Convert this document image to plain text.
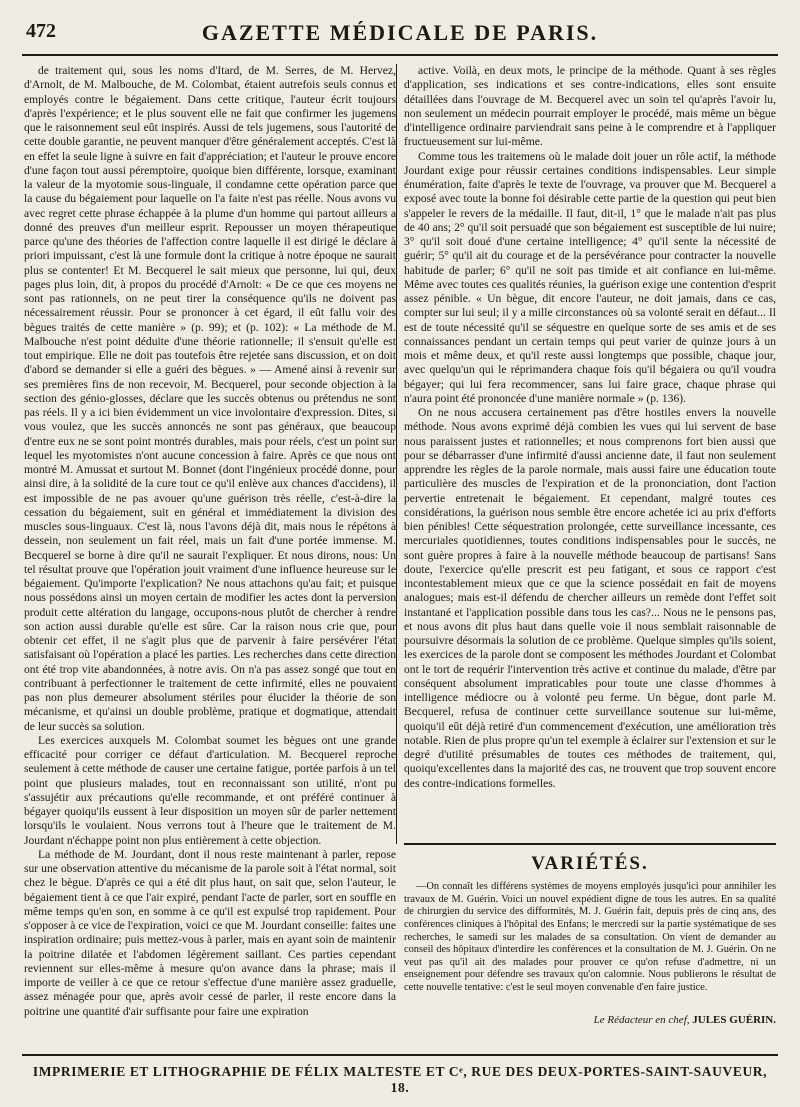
472	GAZETTE MÉDICALE DE PARIS.

de traitement qui, sous les noms d'Itard, de M. Serres, de M. Hervez, d'Arnolt, de M. Malbouche, de M. Colombat, étaient autrefois seuls connus et employés contre le bégaiement. Dans cette critique, l'auteur écrit toujours d'après l'expérience; et le plus souvent elle ne fait que confirmer les jugemens que le raisonnement seul eût inspirés. Aussi de tels jugemens, sous l'autorité de cette double garantie, ne peuvent manquer d'être généralement acceptés. C'est là en effet la seule ligne à suivre en fait d'appréciation; et l'auteur le prouve encore d'une façon tout aussi péremptoire, quoique bien différente, lorsque, examinant la valeur de la myotomie sous-linguale, il condamne cette opération parce que la cause du bégaiement pour laquelle on l'a faite n'est pas réelle. Nous avons vu avec regret cette phrase échappée à la plume d'un homme qui partout ailleurs a donné des preuves d'un meilleur esprit. Repousser un moyen thérapeutique parce qu'une des théories de l'affection contre laquelle il est dirigé le déclare à priori impuissant, c'est là une formule dont la critique à notre époque ne saurait plus se contenter! Et M. Becquerel le sait mieux que personne, lui qui, deux pages plus loin, dit, à propos du procédé d'Arnolt: « De ce que ces moyens ne sont pas rationnels, on ne peut tirer la conséquence qu'ils ne doivent pas nécessairement réussir. Pour se prononcer à cet égard, il eût fallu voir des bègues traités de cette manière » (p. 99); et (p. 102): « La méthode de M. Malbouche n'est point déduite d'une théorie rationnelle; il s'ensuit qu'elle est tout empirique. Elle ne doit pas toutefois être rejetée sans discussion, et on doit d'abord se demander si elle a guéri des bègues. » — Amené ainsi à revenir sur ses premières fins de non recevoir, M. Becquerel, pour seconde objection à la section des génio-glosses, déclare que les succès obtenus ou prétendus ne sont pas réels. Il y a ici bien évidemment un vice involontaire d'expression. Dites, si vous voulez, que les succès annoncés ne sont pas généraux, que beaucoup d'entre eux ne se sont point montrés durables, mais pour réels, c'est un point sur lequel les myotomistes n'ont aucune concession à faire. Après ce que nous ont montré M. Amussat et surtout M. Bonnet (dont l'ingénieux procédé donne, pour ainsi dire, à la solidité de la cure tout ce qu'il enlève aux chances d'accidens), il est impossible de ne pas avouer qu'une guérison très réelle, c'est-à-dire la cessation du bégaiement, suit en général et immédiatement la division des muscles sous-linguaux. C'est là, nous l'avons déjà dit, mais nous le répétons à dessein, non seulement un fait réel, mais un fait d'une portée immense. M. Becquerel se borne à dire qu'il ne saurait l'expliquer. Et nous dirons, nous: Un tel résultat prouve que l'opération jouit vraiment d'une influence heureuse sur le bégaiement. Qu'importe l'explication? Ne nous attachons qu'au fait; et puisque nous possédons ainsi un moyen certain de modifier les actes dont la perversion produit cette altération du langage, occupons-nous plutôt de chercher à rendre son action aussi durable qu'elle est sûre. Car la raison nous crie que, pour obtenir cet effet, il ne s'agit plus que de parvenir à faire persévérer l'état satisfaisant où l'opération a placé les parties. Les recherches dans cette direction ont été trop vite abandonnées, à notre avis. On n'a pas assez songé que tout en contribuant à perfectionner le traitement de cette infirmité, elles ne pouvaient pas non plus demeurer absolument stériles pour élucider la théorie de son mécanisme, et qu'ainsi un double problème, pratique et dogmatique, attendait de leur succès sa solution.

Les exercices auxquels M. Colombat soumet les bègues ont une grande efficacité pour corriger ce défaut d'articulation. M. Becquerel reproche seulement à cette méthode de causer une certaine fatigue, portée parfois à un tel point que plusieurs malades, tout en reconnaissant son utilité, n'ont pu s'assujétir aux précautions qu'elle recommande, et ont préféré continuer à bégayer quoiqu'ils eussent à leur disposition un moyen sûr de parler nettement lorsqu'ils le voulaient. Nous verrons tout à l'heure que le traitement de M. Jourdant n'échappe point non plus entièrement à cette objection.

La méthode de M. Jourdant, dont il nous reste maintenant à parler, repose sur une observation attentive du mécanisme de la parole soit à l'état normal, soit chez le bègue. D'après ce qui a été dit plus haut, on sait que, selon l'auteur, le bégaiement tient à ce que l'air expiré, pendant l'acte de parler, sort en souffle en même temps qu'en son, en somme à ce qu'il est expulsé trop rapidement. Pour s'opposer à ce vice de l'expiration, voici ce que M. Jourdant conseille: faites une inspiration ordinaire; puis mettez-vous à parler, mais en ayant soin de maintenir la poitrine dilatée et l'abdomen légèrement saillant. Ces parties cependant reviennent sur elles-même à mesure qu'on avance dans la phrase; mais il importe de veiller à ce que ce retour s'effectue d'une manière assez graduelle, assez ménagée pour que, après avoir cessé de parler, il reste encore dans la poitrine une quantité d'air suffisante pour faire une expiration

active. Voilà, en deux mots, le principe de la méthode. Quant à ses règles d'application, ses indications et ses contre-indications, elles sont ensuite détaillées dans l'ouvrage de M. Becquerel avec un soin tel qu'après l'avoir lu, non seulement un médecin pourrait employer le procédé, mais même un bègue d'intelligence ordinaire parviendrait sans peine à le comprendre et à l'appliquer fructueusement sur lui-même.

Comme tous les traitemens où le malade doit jouer un rôle actif, la méthode Jourdant exige pour réussir certaines conditions indispensables. Leur simple énumération, faite d'après le texte de l'ouvrage, va prouver que M. Becquerel a exposé avec toute la bonne foi désirable cette partie de la question qui peut bien s'appeler le revers de la médaille. Il faut, dit-il, 1° que le malade n'ait pas plus de 40 ans; 2° qu'il soit persuadé que son bégaiement est susceptible de lui nuire; 3° qu'il soit doué d'une certaine intelligence; 4° qu'il sente la nécessité de guérir; 5° qu'il ait du courage et de la persévérance pour contracter la nouvelle habitude de parler; 6° qu'il ne soit pas timide et ait confiance en lui-même. Même avec toutes ces qualités réunies, la guérison exige une contention d'esprit assez pénible. « Un bègue, dit encore l'auteur, ne doit jamais, dans ce cas, compter sur lui seul; il y a mille circonstances où sa volonté serait en défaut... Il est de toute nécessité qu'il se séquestre en quelque sorte de ses amis et de ses connaissances pendant un certain temps qui peut varier de quinze jours à un mois et même deux, et qu'il reste aussi longtemps que possible, chaque jour, avec quelqu'un qui le réprimandera chaque fois qu'il bégaiera ou qu'il voudra bégayer; qui lui fera recommencer, sans lui faire grace, chaque phrase qui n'aura point été prononcée d'une manière normale » (p. 136).

On ne nous accusera certainement pas d'être hostiles envers la nouvelle méthode. Nous avons exprimé déjà combien les vues qui lui servent de base nous paraissent justes et rationnelles; et nous comprenons fort bien aussi que pour se débarrasser d'une infirmité d'aussi ancienne date, il faut non seulement apprendre les règles de la parole normale, mais aussi faire une éducation toute particulière des muscles de l'expiration et de la prononciation, dont l'action pervertie entretenait le bégaiement. Et cependant, malgré toutes ces considérations, la guérison nous semble être encore achetée ici au prix d'efforts bien pénibles! Cette séquestration prolongée, cette surveillance incessante, ces mercuriales quotidiennes, toutes conditions indispensables pour le succès, ne sont guère propres à faire à la nouvelle méthode beaucoup de partisans! Sans doute, l'exercice qu'elle prescrit est peu fatigant, et sous ce rapport c'est incontestablement mieux que ce que la science possédait en fait de moyens analogues; mais est-il défendu de chercher ailleurs un remède dont l'effet soit instantané et l'application possible dans tous les cas?... Nous ne le pensons pas, et nous avons dit plus haut dans quelle voie il nous semblait raisonnable de poursuivre désormais la solution de ce problème. Quelque simples qu'ils soient, les exercices de la parole dont se composent les méthodes Jourdant et Colombat ont le tort de requérir l'intervention très active et continue du malade, d'être par conséquent absolument impraticables pour toute une classe d'hommes à intelligence médiocre ou à volonté peu ferme. Un bègue, dont parle M. Becquerel, refusa de continuer cette surveillance soutenue sur lui-même, quoiqu'il eût déjà retiré d'un commencement d'exécution, une amélioration très notable. Rien de plus propre qu'un tel exemple à éclairer sur l'extension et sur le degré d'utilité présumables de toutes ces méthodes de traitement, qui, quoiqu'excellentes dans la majorité des cas, ne trouvent que trop souvent encore des contre-indications formelles.

VARIÉTÉS.

—On connaît les différens systèmes de moyens employés jusqu'ici pour annihiler les travaux de M. Guérin. Voici un nouvel expédient digne de tous les autres. En sa qualité de chirurgien du service des difformités, M. J. Guérin fait, depuis près de cinq ans, des conférences cliniques à l'hôpital des Enfans; le mercredi sur la partie systématique de ses recherches, le samedi sur les malades de sa consultation. On vient de demander au conseil des hôpitaux d'interdire les conférences et la consultation de M. J. Guérin. On ne veut pas qu'il ait des malades pour prouver ce qu'on refuse d'admettre, ni un enseignement pour défendre ses travaux qu'on calomnie. Nous publierons le résultat de cette nouvelle tentative: c'est le seul moyen convenable d'en faire justice.

Le Rédacteur en chef, JULES GUÉRIN.
IMPRIMERIE ET LITHOGRAPHIE DE FÉLIX MALTESTE ET Cᵉ, RUE DES DEUX-PORTES-SAINT-SAUVEUR, 18.
